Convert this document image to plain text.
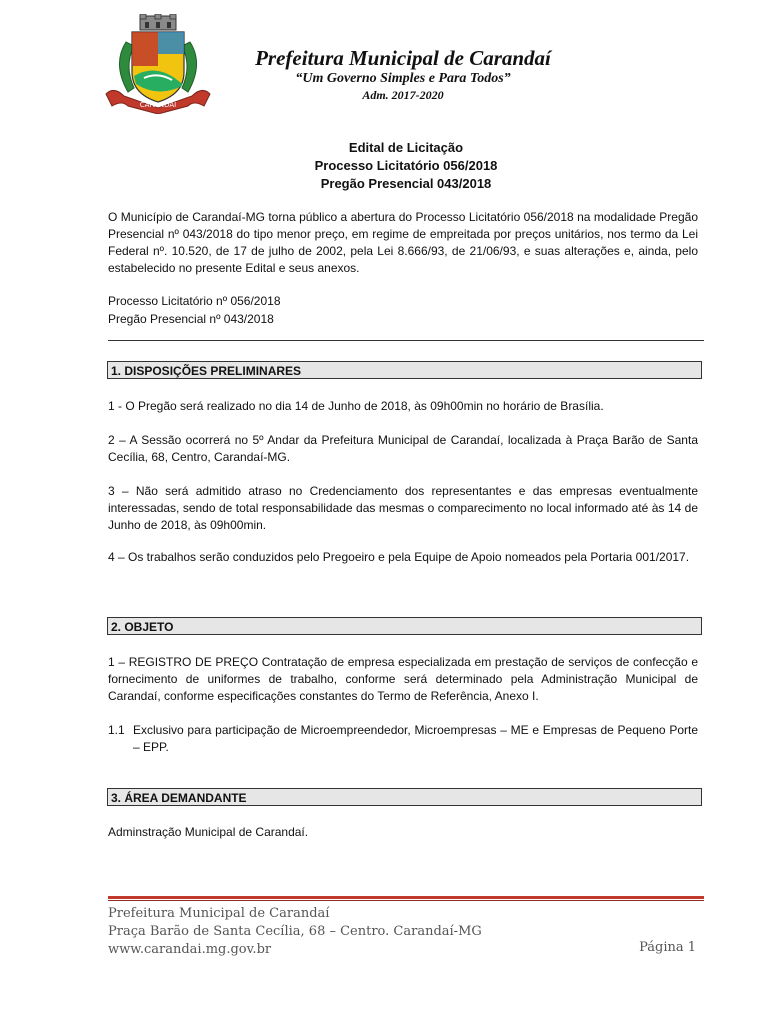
CARANDAÍ
Prefeitura Municipal de Carandaí
“Um Governo Simples e Para Todos”
Adm. 2017-2020
Edital de Licitação
Processo Licitatório 056/2018
Pregão Presencial 043/2018

O Município de Carandaí-MG torna público a abertura do Processo Licitatório 056/2018 na modalidade Pregão Presencial nº 043/2018 do tipo menor preço, em regime de empreitada por preços unitários, nos termo da Lei Federal nº. 10.520, de 17 de julho de 2002, pela Lei 8.666/93, de 21/06/93, e suas alterações e, ainda, pelo estabelecido no presente Edital e seus anexos.

Processo Licitatório nº 056/2018

Pregão Presencial nº 043/2018

1. DISPOSIÇÕES PRELIMINARES

1 - O Pregão será realizado no dia 14 de Junho de 2018, às 09h00min no horário de Brasília.

2 – A Sessão ocorrerá no 5º Andar da Prefeitura Municipal de Carandaí, localizada à Praça Barão de Santa Cecília, 68, Centro, Carandaí-MG.

3 – Não será admitido atraso no Credenciamento dos representantes e das empresas eventualmente interessadas, sendo de total responsabilidade das mesmas o comparecimento no local informado até às 14 de Junho de 2018, às 09h00min.

4 – Os trabalhos serão conduzidos pelo Pregoeiro e pela Equipe de Apoio nomeados pela Portaria 001/2017.

2. OBJETO

1 – REGISTRO DE PREÇO Contratação de empresa especializada em prestação de serviços de confecção e fornecimento de uniformes de trabalho, conforme será determinado pela Administração Municipal de Carandaí, conforme especificações constantes do Termo de Referência, Anexo I.

1.1 Exclusivo para participação de Microempreendedor, Microempresas – ME e Empresas de Pequeno Porte – EPP.
3. ÁREA DEMANDANTE

Adminstração Municipal de Carandaí.

Prefeitura Municipal de Carandaí
Praça Barão de Santa Cecília, 68 – Centro. Carandaí-MG
www.carandai.mg.gov.br	Página 1
